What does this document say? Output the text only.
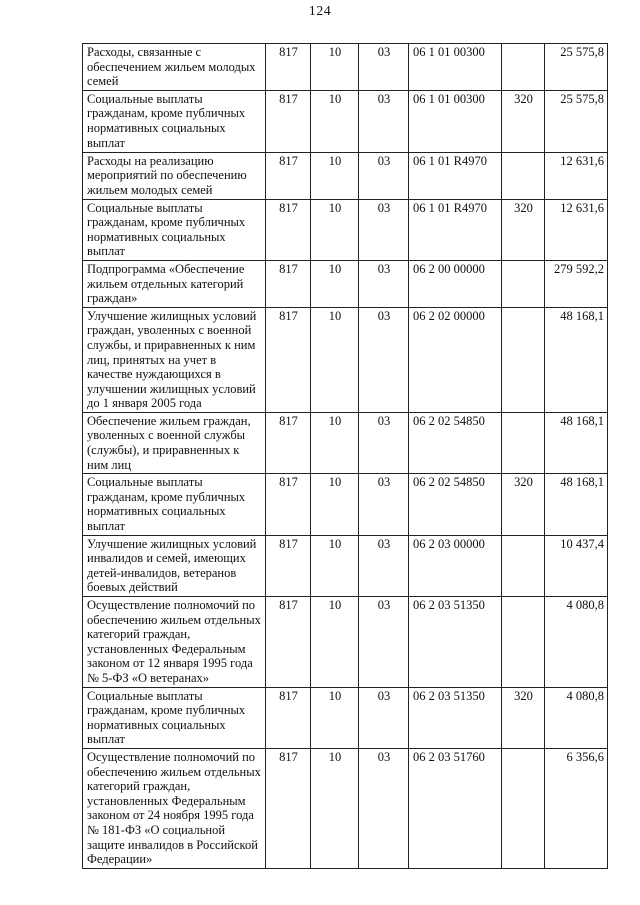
124
Расходы, связанные с обеспечением жильем молодых семей	817	10	03	06 1 01 00300		25 575,8
Социальные выплаты гражданам, кроме публичных нормативных социальных выплат	817	10	03	06 1 01 00300	320	25 575,8
Расходы на реализацию мероприятий по обеспечению жильем молодых семей	817	10	03	06 1 01 R4970		12 631,6
Социальные выплаты гражданам, кроме публичных нормативных социальных выплат	817	10	03	06 1 01 R4970	320	12 631,6
Подпрограмма «Обеспечение жильем отдельных категорий граждан»	817	10	03	06 2 00 00000		279 592,2
Улучшение жилищных условий граждан, уволенных с военной службы, и приравненных к ним лиц, принятых на учет в качестве нуждающихся в улучшении жилищных условий до 1 января 2005 года	817	10	03	06 2 02 00000		48 168,1
Обеспечение жильем граждан, уволенных с военной службы (службы), и приравненных к ним лиц	817	10	03	06 2 02 54850		48 168,1
Социальные выплаты гражданам, кроме публичных нормативных социальных выплат	817	10	03	06 2 02 54850	320	48 168,1
Улучшение жилищных условий инвалидов и семей, имеющих детей-инвалидов, ветеранов боевых действий	817	10	03	06 2 03 00000		10 437,4
Осуществление полномочий по обеспечению жильем отдельных категорий граждан, установленных Федеральным законом от 12 января 1995 года № 5-ФЗ «О ветеранах»	817	10	03	06 2 03 51350		4 080,8
Социальные выплаты гражданам, кроме публичных нормативных социальных выплат	817	10	03	06 2 03 51350	320	4 080,8
Осуществление полномочий по обеспечению жильем отдельных категорий граждан, установленных Федеральным законом от 24 ноября 1995 года № 181-ФЗ «О социальной защите инвалидов в Российской Федерации»	817	10	03	06 2 03 51760		6 356,6
